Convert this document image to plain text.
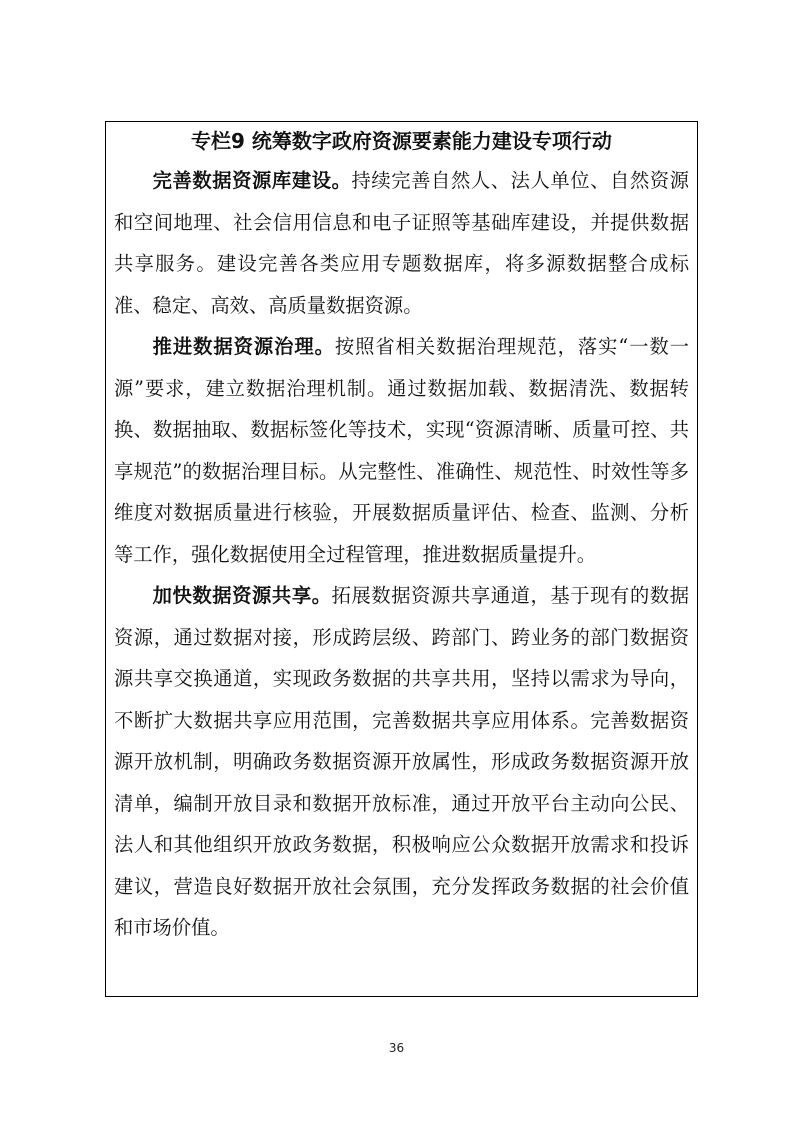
专栏9 统筹数字政府资源要素能力建设专项行动

完善数据资源库建设。持续完善自然人、法人单位、自然资源和空间地理、社会信用信息和电子证照等基础库建设，并提供数据共享服务。建设完善各类应用专题数据库，将多源数据整合成标准、稳定、高效、高质量数据资源。

推进数据资源治理。按照省相关数据治理规范，落实“一数一源”要求，建立数据治理机制。通过数据加载、数据清洗、数据转换、数据抽取、数据标签化等技术，实现“资源清晰、质量可控、共享规范”的数据治理目标。从完整性、准确性、规范性、时效性等多维度对数据质量进行核验，开展数据质量评估、检查、监测、分析等工作，强化数据使用全过程管理，推进数据质量提升。

加快数据资源共享。拓展数据资源共享通道，基于现有的数据资源，通过数据对接，形成跨层级、跨部门、跨业务的部门数据资源共享交换通道，实现政务数据的共享共用，坚持以需求为导向，不断扩大数据共享应用范围，完善数据共享应用体系。完善数据资源开放机制，明确政务数据资源开放属性，形成政务数据资源开放清单，编制开放目录和数据开放标准，通过开放平台主动向公民、法人和其他组织开放政务数据，积极响应公众数据开放需求和投诉建议，营造良好数据开放社会氛围，充分发挥政务数据的社会价值和市场价值。

36
